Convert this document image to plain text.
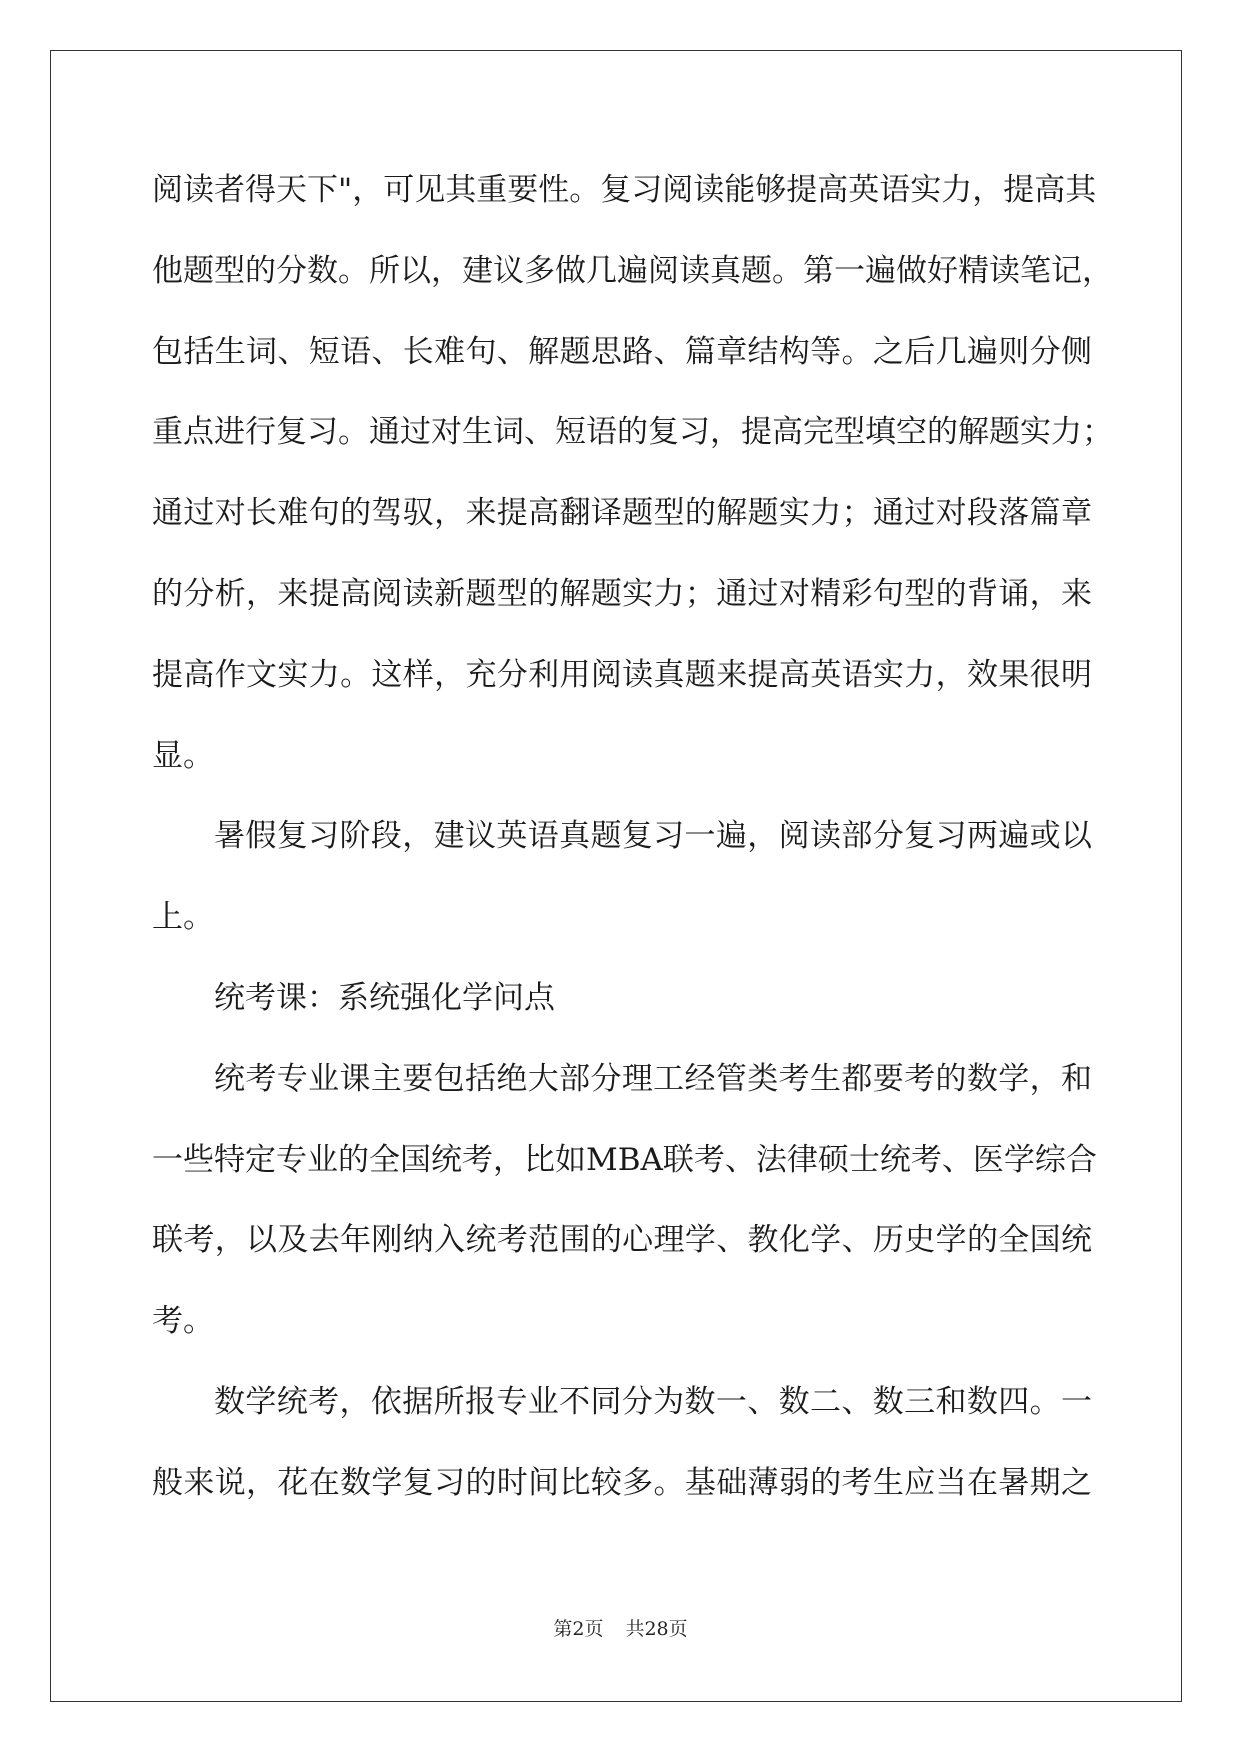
阅读者得天下"，可见其重要性。复习阅读能够提高英语实力，提高其
他题型的分数。所以，建议多做几遍阅读真题。第一遍做好精读笔记，
包括生词、短语、长难句、解题思路、篇章结构等。之后几遍则分侧
重点进行复习。通过对生词、短语的复习，提高完型填空的解题实力；
通过对长难句的驾驭，来提高翻译题型的解题实力；通过对段落篇章
的分析，来提高阅读新题型的解题实力；通过对精彩句型的背诵，来
提高作文实力。这样，充分利用阅读真题来提高英语实力，效果很明
显。
暑假复习阶段，建议英语真题复习一遍，阅读部分复习两遍或以
上。
统考课：系统强化学问点
统考专业课主要包括绝大部分理工经管类考生都要考的数学，和
一些特定专业的全国统考，比如MBA联考、法律硕士统考、医学综合
联考，以及去年刚纳入统考范围的心理学、教化学、历史学的全国统
考。
数学统考，依据所报专业不同分为数一、数二、数三和数四。一
般来说，花在数学复习的时间比较多。基础薄弱的考生应当在暑期之
第2页 共28页
